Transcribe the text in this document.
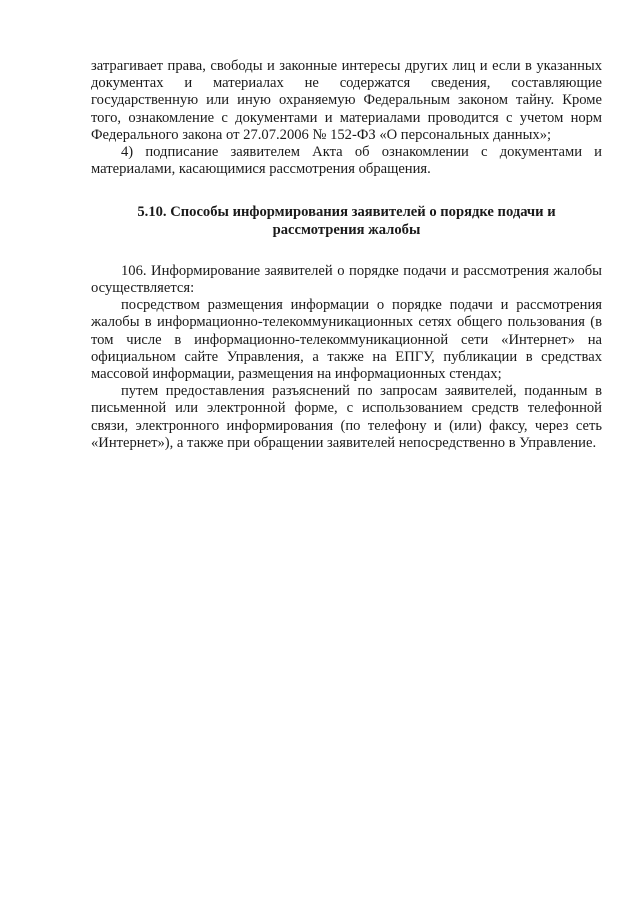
затрагивает права, свободы и законные интересы других лиц и если в указанных документах и материалах не содержатся сведения, составляющие государственную или иную охраняемую Федеральным законом тайну. Кроме того, ознакомление с документами и материалами проводится с учетом норм Федерального закона от 27.07.2006 № 152-ФЗ «О персональных данных»;

4) подписание заявителем Акта об ознакомлении с документами и материалами, касающимися рассмотрения обращения.

5.10. Способы информирования заявителей о порядке подачи и рассмотрения жалобы

106. Информирование заявителей о порядке подачи и рассмотрения жалобы осуществляется:

посредством размещения информации о порядке подачи и рассмотрения жалобы в информационно-телекоммуникационных сетях общего пользования (в том числе в информационно-телекоммуникационной сети «Интернет» на официальном сайте Управления, а также на ЕПГУ, публикации в средствах массовой информации, размещения на информационных стендах;

путем предоставления разъяснений по запросам заявителей, поданным в письменной или электронной форме, с использованием средств телефонной связи, электронного информирования (по телефону и (или) факсу, через сеть «Интернет»), а также при обращении заявителей непосредственно в Управление.
